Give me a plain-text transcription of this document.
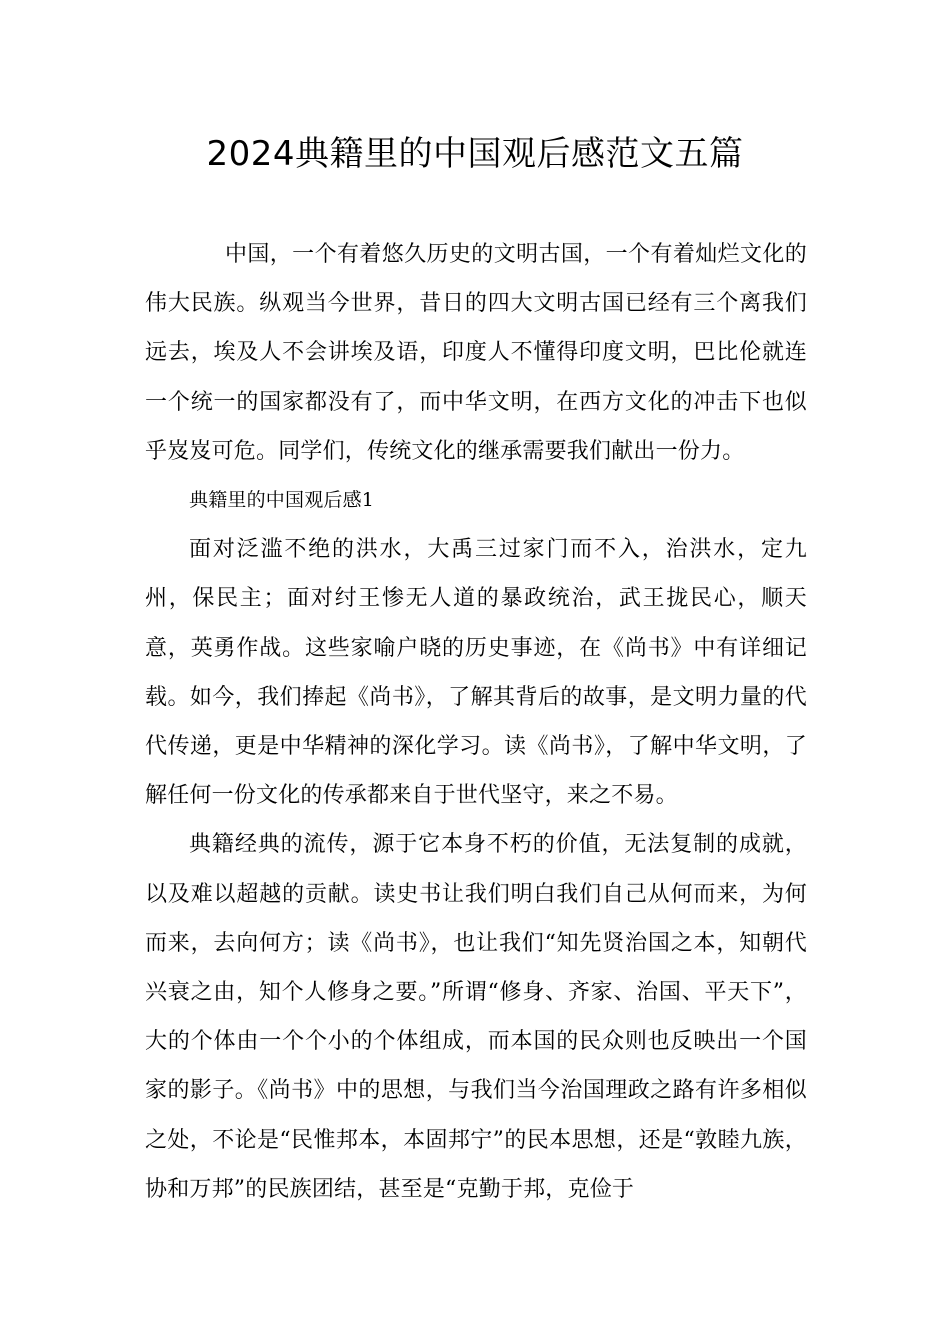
2024典籍里的中国观后感范文五篇

中国，一个有着悠久历史的文明古国，一个有着灿烂文化的伟大民族。纵观当今世界，昔日的四大文明古国已经有三个离我们远去，埃及人不会讲埃及语，印度人不懂得印度文明，巴比伦就连一个统一的国家都没有了，而中华文明，在西方文化的冲击下也似乎岌岌可危。同学们，传统文化的继承需要我们献出一份力。

典籍里的中国观后感1

面对泛滥不绝的洪水，大禹三过家门而不入，治洪水，定九州，保民主；面对纣王惨无人道的暴政统治，武王拢民心，顺天意，英勇作战。这些家喻户晓的历史事迹，在《尚书》中有详细记载。如今，我们捧起《尚书》，了解其背后的故事，是文明力量的代代传递，更是中华精神的深化学习。读《尚书》，了解中华文明，了解任何一份文化的传承都来自于世代坚守，来之不易。

典籍经典的流传，源于它本身不朽的价值，无法复制的成就，以及难以超越的贡献。读史书让我们明白我们自己从何而来，为何而来，去向何方；读《尚书》，也让我们“知先贤治国之本，知朝代兴衰之由，知个人修身之要。”所谓“修身、齐家、治国、平天下”，大的个体由一个个小的个体组成，而本国的民众则也反映出一个国家的影子。《尚书》中的思想，与我们当今治国理政之路有许多相似之处，不论是“民惟邦本，本固邦宁”的民本思想，还是“敦睦九族，协和万邦”的民族团结，甚至是“克勤于邦，克俭于
